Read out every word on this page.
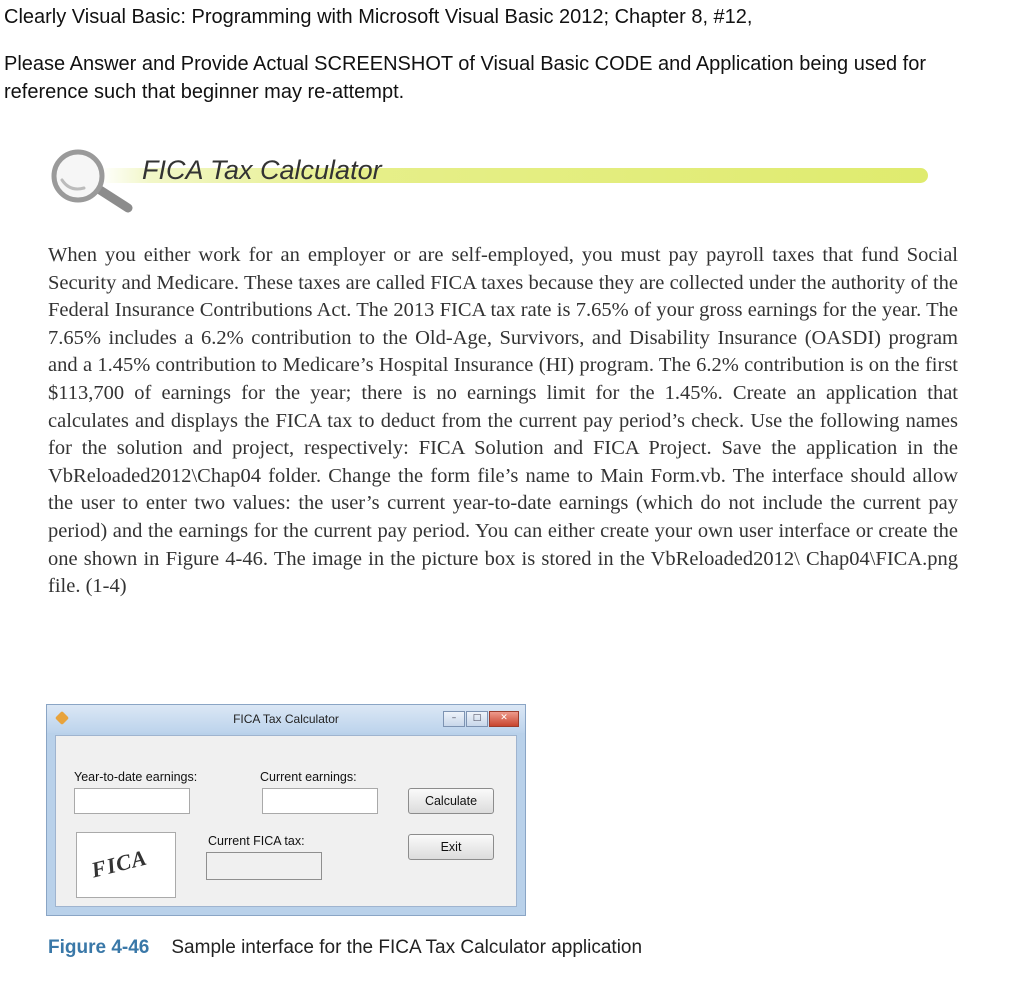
Clearly Visual Basic: Programming with Microsoft Visual Basic 2012; Chapter 8, #12,
Please Answer and Provide Actual SCREENSHOT of Visual Basic CODE and Application being used for reference such that beginner may re-attempt.
FICA Tax Calculator

When you either work for an employer or are self-employed, you must pay payroll taxes that fund Social Security and Medicare. These taxes are called FICA taxes because they are collected under the authority of the Federal Insurance Contributions Act. The 2013 FICA tax rate is 7.65% of your gross earnings for the year. The 7.65% includes a 6.2% contribution to the Old-Age, Survivors, and Disability Insurance (OASDI) program and a 1.45% contribution to Medicare’s Hospital Insurance (HI) program. The 6.2% contribution is on the first $113,700 of earnings for the year; there is no earnings limit for the 1.45%. Create an application that calculates and displays the FICA tax to deduct from the current pay period’s check. Use the following names for the solution and project, respectively: FICA Solution and FICA Project. Save the application in the VbReloaded2012\Chap04 folder. Change the form file’s name to Main Form.vb. The interface should allow the user to enter two values: the user’s current year-to-date earnings (which do not include the current pay period) and the earnings for the current pay period. You can either create your own user interface or create the one shown in Figure 4-46. The image in the picture box is stored in the VbReloaded2012\ Chap04\FICA.png file. (1-4)

FICA Tax Calculator	–	□	✕
Year-to-date earnings:	Current earnings:
Calculate
Current FICA tax:	Exit
FICA
Figure 4-46 Sample interface for the FICA Tax Calculator application
